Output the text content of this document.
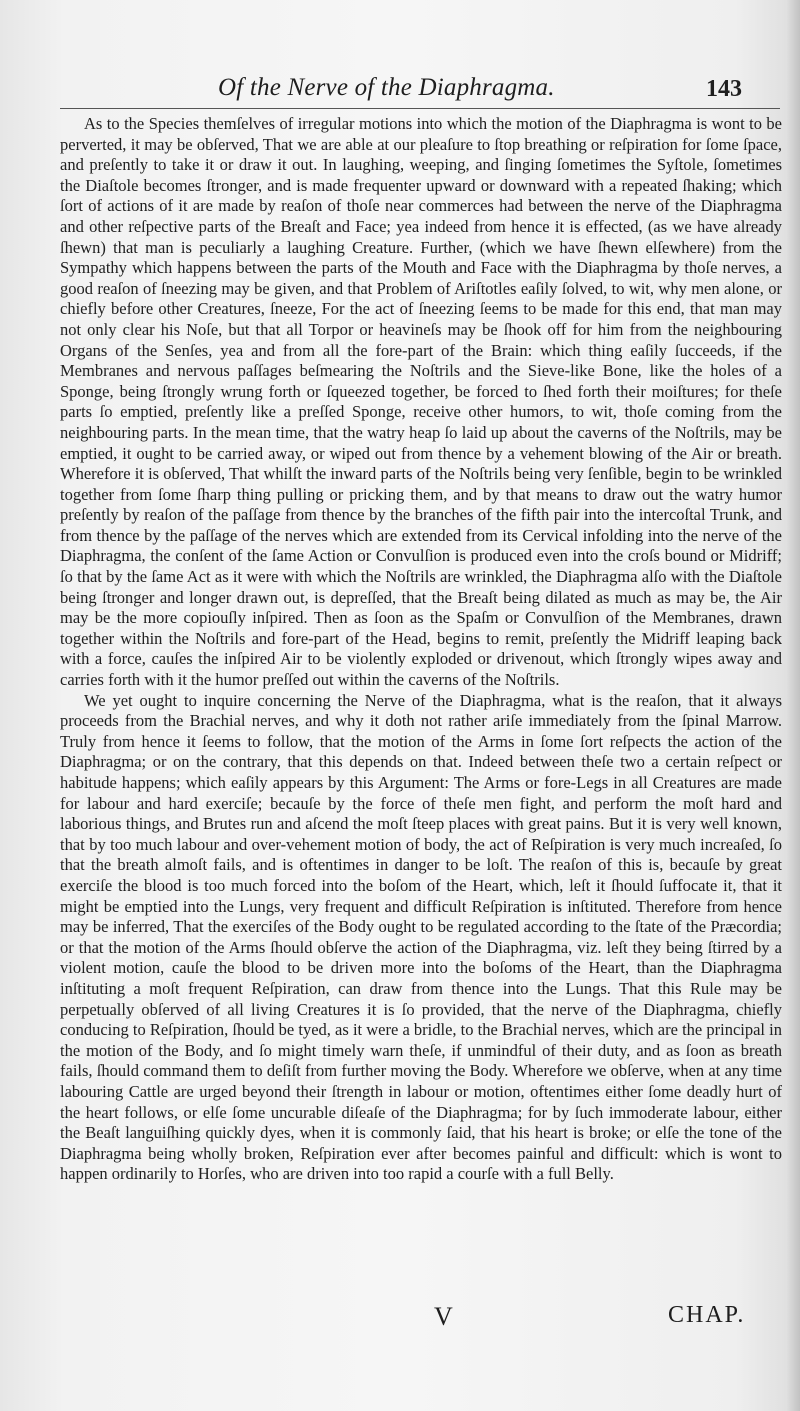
Of the Nerve of the Diaphragma.	143

As to the Species themſelves of irregular motions into which the motion of the Diaphragma is wont to be perverted, it may be obſerved, That we are able at our pleaſure to ſtop breathing or reſpiration for ſome ſpace, and preſently to take it or draw it out. In laughing, weeping, and ſinging ſometimes the Syſtole, ſometimes the Diaſtole becomes ſtronger, and is made frequenter upward or downward with a repeated ſhaking; which ſort of actions of it are made by reaſon of thoſe near commerces had between the nerve of the Diaphragma and other reſpective parts of the Breaſt and Face; yea indeed from hence it is effected, (as we have already ſhewn) that man is peculiarly a laughing Creature. Further, (which we have ſhewn elſewhere) from the Sympathy which happens between the parts of the Mouth and Face with the Diaphragma by thoſe nerves, a good reaſon of ſneezing may be given, and that Problem of Ariſtotles eaſily ſolved, to wit, why men alone, or chiefly before other Creatures, ſneeze, For the act of ſneezing ſeems to be made for this end, that man may not only clear his Noſe, but that all Torpor or heavineſs may be ſhook off for him from the neighbouring Organs of the Senſes, yea and from all the fore-part of the Brain: which thing eaſily ſucceeds, if the Membranes and nervous paſſages beſmearing the Noſtrils and the Sieve-like Bone, like the holes of a Sponge, being ſtrongly wrung forth or ſqueezed together, be forced to ſhed forth their moiſtures; for theſe parts ſo emptied, preſently like a preſſed Sponge, receive other humors, to wit, thoſe coming from the neighbouring parts. In the mean time, that the watry heap ſo laid up about the caverns of the Noſtrils, may be emptied, it ought to be carried away, or wiped out from thence by a vehement blowing of the Air or breath. Wherefore it is obſerved, That whilſt the inward parts of the Noſtrils being very ſenſible, begin to be wrinkled together from ſome ſharp thing pulling or pricking them, and by that means to draw out the watry humor preſently by reaſon of the paſſage from thence by the branches of the fifth pair into the intercoſtal Trunk, and from thence by the paſſage of the nerves which are extended from its Cervical infolding into the nerve of the Diaphragma, the conſent of the ſame Action or Convulſion is produced even into the croſs bound or Midriff; ſo that by the ſame Act as it were with which the Noſtrils are wrinkled, the Diaphragma alſo with the Diaſtole being ſtronger and longer drawn out, is depreſſed, that the Breaſt being dilated as much as may be, the Air may be the more copiouſly inſpired. Then as ſoon as the Spaſm or Convulſion of the Membranes, drawn together within the Noſtrils and fore-part of the Head, begins to remit, preſently the Midriff leaping back with a force, cauſes the inſpired Air to be violently exploded or drivenout, which ſtrongly wipes away and carries forth with it the humor preſſed out within the caverns of the Noſtrils.

We yet ought to inquire concerning the Nerve of the Diaphragma, what is the reaſon, that it always proceeds from the Brachial nerves, and why it doth not rather ariſe immediately from the ſpinal Marrow. Truly from hence it ſeems to follow, that the motion of the Arms in ſome ſort reſpects the action of the Diaphragma; or on the contrary, that this depends on that. Indeed between theſe two a certain reſpect or habitude happens; which eaſily appears by this Argument: The Arms or fore-Legs in all Creatures are made for labour and hard exerciſe; becauſe by the force of theſe men fight, and perform the moſt hard and laborious things, and Brutes run and aſcend the moſt ſteep places with great pains. But it is very well known, that by too much labour and over-vehement motion of body, the act of Reſpiration is very much increaſed, ſo that the breath almoſt fails, and is oftentimes in danger to be loſt. The reaſon of this is, becauſe by great exerciſe the blood is too much forced into the boſom of the Heart, which, leſt it ſhould ſuffocate it, that it might be emptied into the Lungs, very frequent and difficult Reſpiration is inſtituted. Therefore from hence may be inferred, That the exerciſes of the Body ought to be regulated according to the ſtate of the Præcordia; or that the motion of the Arms ſhould obſerve the action of the Diaphragma, viz. leſt they being ſtirred by a violent motion, cauſe the blood to be driven more into the boſoms of the Heart, than the Diaphragma inſtituting a moſt frequent Reſpiration, can draw from thence into the Lungs. That this Rule may be perpetually obſerved of all living Creatures it is ſo provided, that the nerve of the Diaphragma, chiefly conducing to Reſpiration, ſhould be tyed, as it were a bridle, to the Brachial nerves, which are the principal in the motion of the Body, and ſo might timely warn theſe, if unmindful of their duty, and as ſoon as breath fails, ſhould command them to deſiſt from further moving the Body. Wherefore we obſerve, when at any time labouring Cattle are urged beyond their ſtrength in labour or motion, oftentimes either ſome deadly hurt of the heart follows, or elſe ſome uncurable diſeaſe of the Diaphragma; for by ſuch immoderate labour, either the Beaſt languiſhing quickly dyes, when it is commonly ſaid, that his heart is broke; or elſe the tone of the Diaphragma being wholly broken, Reſpiration ever after becomes painful and difficult: which is wont to happen ordinarily to Horſes, who are driven into too rapid a courſe with a full Belly.

V	CHAP.
